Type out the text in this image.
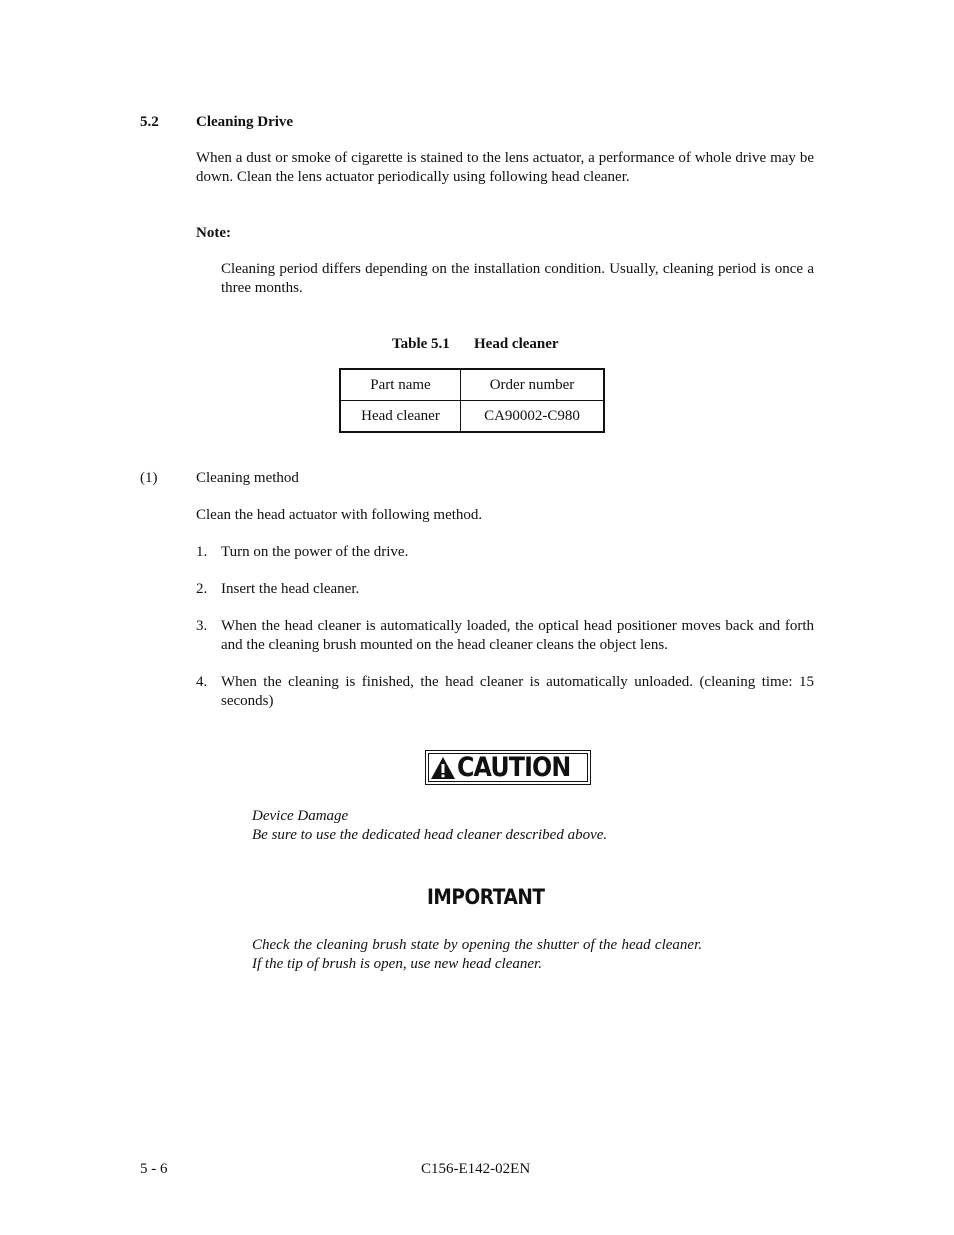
5.2 Cleaning Drive
When a dust or smoke of cigarette is stained to the lens actuator, a performance of whole drive may be down. Clean the lens actuator periodically using following head cleaner.
Note:
Cleaning period differs depending on the installation condition. Usually, cleaning period is once a three months.
Table 5.1 Head cleaner
Part name	Order number
Head cleaner	CA90002-C980
(1)	Cleaning method
Clean the head actuator with following method.
1. Turn on the power of the drive.
2. Insert the head cleaner.
3. When the head cleaner is automatically loaded, the optical head positioner moves back and forth and the cleaning brush mounted on the head cleaner cleans the object lens.
4. When the cleaning is finished, the head cleaner is automatically unloaded. (cleaning time: 15 seconds)
CAUTION
Device Damage
Be sure to use the dedicated head cleaner described above.
IMPORTANT
Check the cleaning brush state by opening the shutter of the head cleaner. If the tip of brush is open, use new head cleaner.
5 - 6	C156-E142-02EN
